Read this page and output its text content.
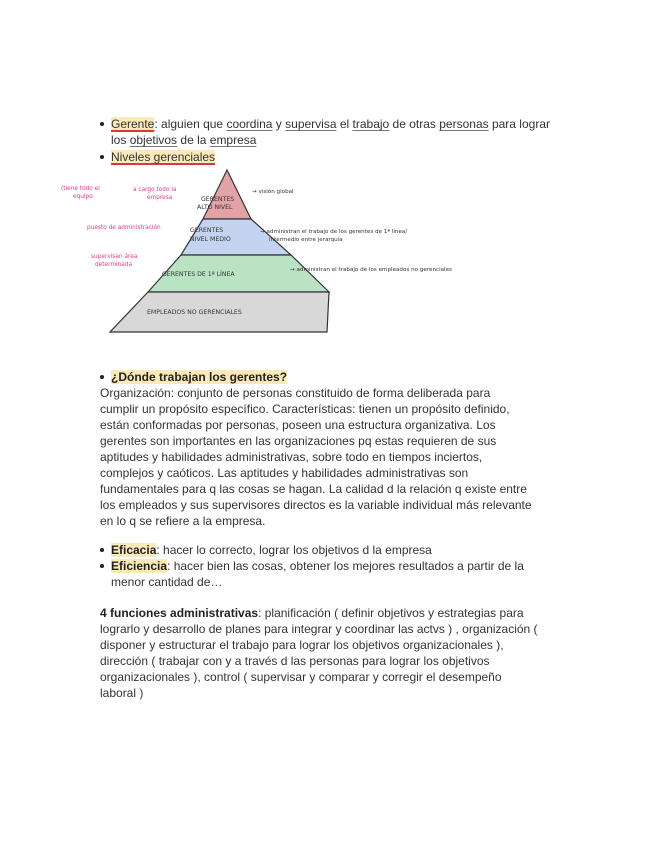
Gerente: alguien que coordina y supervisa el trabajo de otras personas para lograr
los objetivos de la empresa
Niveles gerenciales
GERENTES
ALTO NIVEL
GERENTES
NIVEL MEDIO
GERENTES DE 1ª LÍNEA
EMPLEADOS NO GERENCIALES
(tiene todo el
equipo
a cargo todo la
empresa
puesto de administración
supervisan área
determinada
→ visión global
→ administran el trabajo de los gerentes de 1ª línea/
intermedio entre jerarquía
→ administran el trabajo de los empleados no gerenciales
¿Dónde trabajan los gerentes?
Organización: conjunto de personas constituido de forma deliberada para
cumplir un propósito específico. Características: tienen un propósito definido,
están conformadas por personas, poseen una estructura organizativa. Los
gerentes son importantes en las organizaciones pq estas requieren de sus
aptitudes y habilidades administrativas, sobre todo en tiempos inciertos,
complejos y caóticos. Las aptitudes y habilidades administrativas son
fundamentales para q las cosas se hagan. La calidad d la relación q existe entre
los empleados y sus supervisores directos es la variable individual más relevante
en lo q se refiere a la empresa.
Eficacia: hacer lo correcto, lograr los objetivos d la empresa
Eficiencia: hacer bien las cosas, obtener los mejores resultados a partir de la
menor cantidad de…
4 funciones administrativas: planificación ( definir objetivos y estrategias para
lograrlo y desarrollo de planes para integrar y coordinar las actvs ) , organización (
disponer y estructurar el trabajo para lograr los objetivos organizacionales ),
dirección ( trabajar con y a través d las personas para lograr los objetivos
organizacionales ), control ( supervisar y comparar y corregir el desempeño
laboral )
